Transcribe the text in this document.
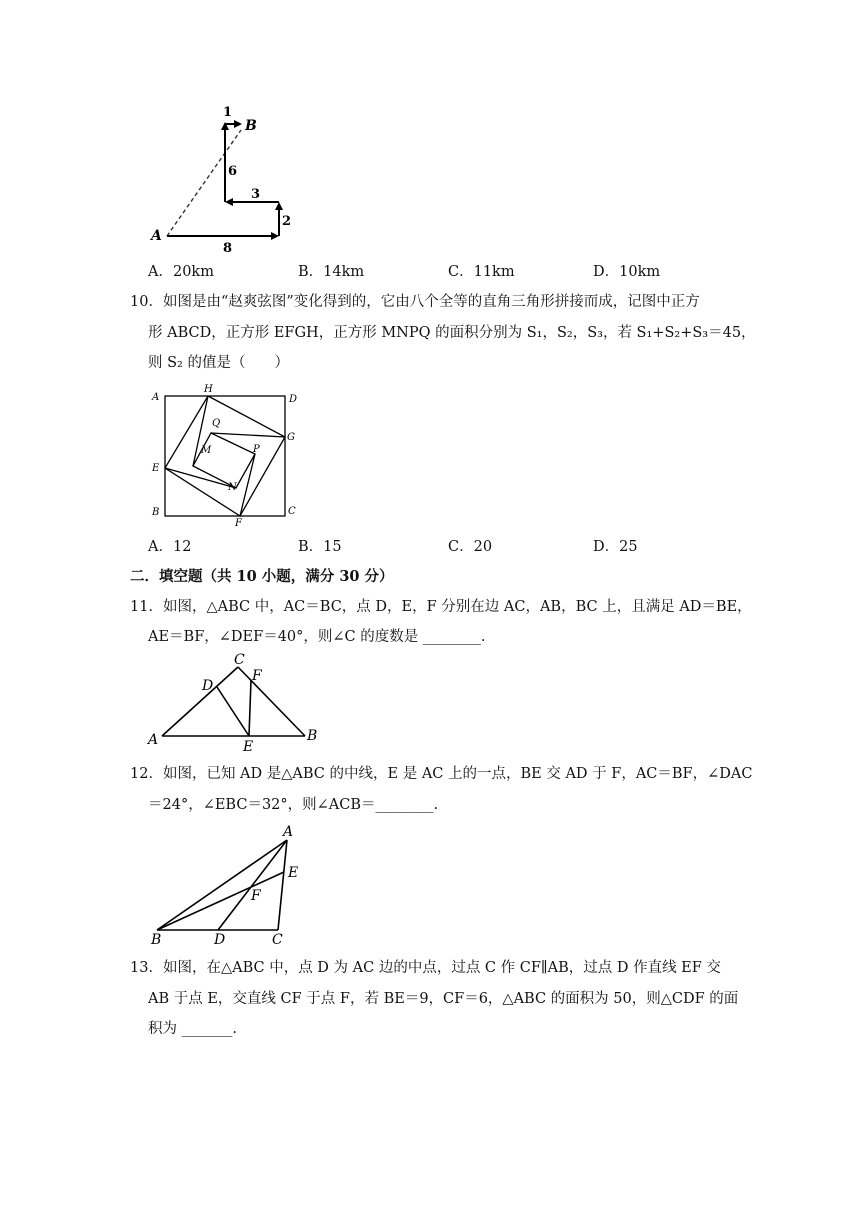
1
B
6
3
2
A
8
A．20km	B．14km	C．11km	D．10km
10．如图是由“赵爽弦图”变化得到的，它由八个全等的直角三角形拼接而成，记图中正方
形 ABCD，正方形 EFGH，正方形 MNPQ 的面积分别为 S₁，S₂，S₃，若 S₁+S₂+S₃＝45，
则 S₂ 的值是（　　）
A
H
D
G
Q
M	P
E
N
B
F
C
A．12	B．15	C．20	D．25
二．填空题（共 10 小题，满分 30 分）
11．如图，△ABC 中，AC＝BC，点 D，E，F 分别在边 AC，AB，BC 上，且满足 AD＝BE，
AE＝BF，∠DEF＝40°，则∠C 的度数是 ________.
C
F
D
A	E
B
12．如图，已知 AD 是△ABC 的中线，E 是 AC 上的一点，BE 交 AD 于 F，AC＝BF，∠DAC
＝24°，∠EBC＝32°，则∠ACB＝________.
A
E
F
B	D	C
13．如图，在△ABC 中，点 D 为 AC 边的中点，过点 C 作 CF∥AB，过点 D 作直线 EF 交
AB 于点 E，交直线 CF 于点 F，若 BE＝9，CF＝6，△ABC 的面积为 50，则△CDF 的面
积为 _______.
